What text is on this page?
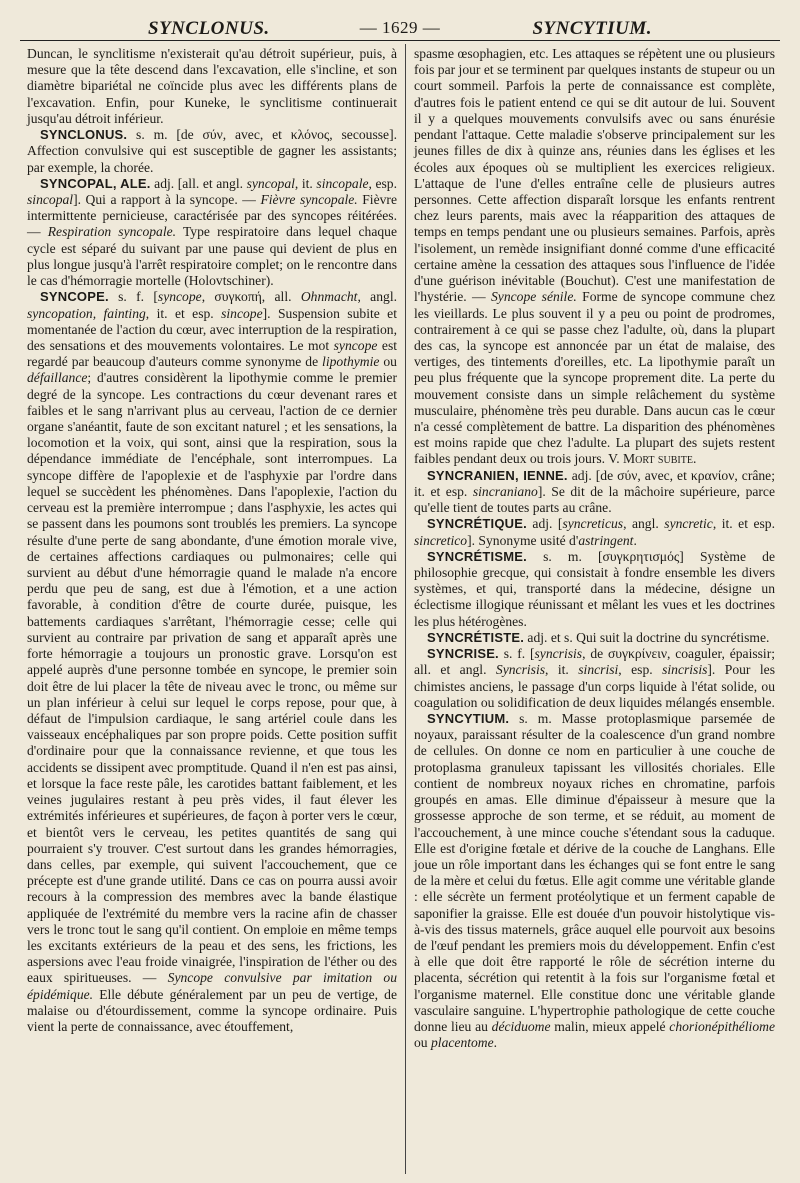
SYNCLONUS.	— 1629 —	SYNCYTIUM.

Duncan, le synclitisme n'existerait qu'au détroit supérieur, puis, à mesure que la tête descend dans l'excavation, elle s'incline, et son diamètre bipariétal ne coïncide plus avec les différents plans de l'excavation. Enfin, pour Kuneke, le synclitisme continuerait jusqu'au détroit inférieur.

SYNCLONUS. s. m. [de σύν, avec, et κλόνος, secousse]. Affection convulsive qui est susceptible de gagner les assistants; par exemple, la chorée.

SYNCOPAL, ALE. adj. [all. et angl. syncopal, it. sincopale, esp. sincopal]. Qui a rapport à la syncope. — Fièvre syncopale. Fièvre intermittente pernicieuse, caractérisée par des syncopes réitérées. — Respiration syncopale. Type respiratoire dans lequel chaque cycle est séparé du suivant par une pause qui devient de plus en plus longue jusqu'à l'arrêt respiratoire complet; on le rencontre dans le cas d'hémorragie mortelle (Holovtschiner).

SYNCOPE. s. f. [syncope, συγκοπή, all. Ohnmacht, angl. syncopation, fainting, it. et esp. sincope]. Suspension subite et momentanée de l'action du cœur, avec interruption de la respiration, des sensations et des mouvements volontaires. Le mot syncope est regardé par beaucoup d'auteurs comme synonyme de lipothymie ou défaillance; d'autres considèrent la lipothymie comme le premier degré de la syncope. Les contractions du cœur devenant rares et faibles et le sang n'arrivant plus au cerveau, l'action de ce dernier organe s'anéantit, faute de son excitant naturel ; et les sensations, la locomotion et la voix, qui sont, ainsi que la respiration, sous la dépendance immédiate de l'encéphale, sont interrompues. La syncope diffère de l'apoplexie et de l'asphyxie par l'ordre dans lequel se succèdent les phénomènes. Dans l'apoplexie, l'action du cerveau est la première interrompue ; dans l'asphyxie, les actes qui se passent dans les poumons sont troublés les premiers. La syncope résulte d'une perte de sang abondante, d'une émotion morale vive, de certaines affections cardiaques ou pulmonaires; celle qui survient au début d'une hémorragie quand le malade n'a encore perdu que peu de sang, est due à l'émotion, et a une action favorable, à condition d'être de courte durée, puisque, les battements cardiaques s'arrêtant, l'hémorragie cesse; celle qui survient au contraire par privation de sang et apparaît après une forte hémorragie a toujours un pronostic grave. Lorsqu'on est appelé auprès d'une personne tombée en syncope, le premier soin doit être de lui placer la tête de niveau avec le tronc, ou même sur un plan inférieur à celui sur lequel le corps repose, pour que, à défaut de l'impulsion cardiaque, le sang artériel coule dans les vaisseaux encéphaliques par son propre poids. Cette position suffit d'ordinaire pour que la connaissance revienne, et que tous les accidents se dissipent avec promptitude. Quand il n'en est pas ainsi, et lorsque la face reste pâle, les carotides battant faiblement, et les veines jugulaires restant à peu près vides, il faut élever les extrémités inférieures et supérieures, de façon à porter vers le cœur, et bientôt vers le cerveau, les petites quantités de sang qui pourraient s'y trouver. C'est surtout dans les grandes hémorragies, dans celles, par exemple, qui suivent l'accouchement, que ce précepte est d'une grande utilité. Dans ce cas on pourra aussi avoir recours à la compression des membres avec la bande élastique appliquée de l'extrémité du membre vers la racine afin de chasser vers le tronc tout le sang qu'il contient. On emploie en même temps les excitants extérieurs de la peau et des sens, les frictions, les aspersions avec l'eau froide vinaigrée, l'inspiration de l'éther ou des eaux spiritueuses. — Syncope convulsive par imitation ou épidémique. Elle débute généralement par un peu de vertige, de malaise ou d'étourdissement, comme la syncope ordinaire. Puis vient la perte de connaissance, avec étouffement,

spasme œsophagien, etc. Les attaques se répètent une ou plusieurs fois par jour et se terminent par quelques instants de stupeur ou un court sommeil. Parfois la perte de connaissance est complète, d'autres fois le patient entend ce qui se dit autour de lui. Souvent il y a quelques mouvements convulsifs avec ou sans énurésie pendant l'attaque. Cette maladie s'observe principalement sur les jeunes filles de dix à quinze ans, réunies dans les églises et les écoles aux époques où se multiplient les exercices religieux. L'attaque de l'une d'elles entraîne celle de plusieurs autres personnes. Cette affection disparaît lorsque les enfants rentrent chez leurs parents, mais avec la réapparition des attaques de temps en temps pendant une ou plusieurs semaines. Parfois, après l'isolement, un remède insignifiant donné comme d'une efficacité certaine amène la cessation des attaques sous l'influence de l'idée d'une guérison inévitable (Bouchut). C'est une manifestation de l'hystérie. — Syncope sénile. Forme de syncope commune chez les vieillards. Le plus souvent il y a peu ou point de prodromes, contrairement à ce qui se passe chez l'adulte, où, dans la plupart des cas, la syncope est annoncée par un état de malaise, des vertiges, des tintements d'oreilles, etc. La lipothymie paraît un peu plus fréquente que la syncope proprement dite. La perte du mouvement consiste dans un simple relâchement du système musculaire, phénomène très peu durable. Dans aucun cas le cœur n'a cessé complètement de battre. La disparition des phénomènes est moins rapide que chez l'adulte. La plupart des sujets restent faibles pendant deux ou trois jours. V. Mort subite.

SYNCRANIEN, IENNE. adj. [de σύν, avec, et κρανίον, crâne; it. et esp. sincraniano]. Se dit de la mâchoire supérieure, parce qu'elle tient de toutes parts au crâne.

SYNCRÉTIQUE. adj. [syncreticus, angl. syncretic, it. et esp. sincretico]. Synonyme usité d'astringent.

SYNCRÉTISME. s. m. [συγκρητισμός] Système de philosophie grecque, qui consistait à fondre ensemble les divers systèmes, et qui, transporté dans la médecine, désigne un éclectisme illogique réunissant et mêlant les vues et les doctrines les plus hétérogènes.

SYNCRÉTISTE. adj. et s. Qui suit la doctrine du syncrétisme.

SYNCRISE. s. f. [syncrisis, de συγκρίνειν, coaguler, épaissir; all. et angl. Syncrisis, it. sincrisi, esp. sincrisis]. Pour les chimistes anciens, le passage d'un corps liquide à l'état solide, ou coagulation ou solidification de deux liquides mélangés ensemble.

SYNCYTIUM. s. m. Masse protoplasmique parsemée de noyaux, paraissant résulter de la coalescence d'un grand nombre de cellules. On donne ce nom en particulier à une couche de protoplasma granuleux tapissant les villosités choriales. Elle contient de nombreux noyaux riches en chromatine, parfois groupés en amas. Elle diminue d'épaisseur à mesure que la grossesse approche de son terme, et se réduit, au moment de l'accouchement, à une mince couche s'étendant sous la caduque. Elle est d'origine fœtale et dérive de la couche de Langhans. Elle joue un rôle important dans les échanges qui se font entre le sang de la mère et celui du fœtus. Elle agit comme une véritable glande : elle sécrète un ferment protéolytique et un ferment capable de saponifier la graisse. Elle est douée d'un pouvoir histolytique vis-à-vis des tissus maternels, grâce auquel elle pourvoit aux besoins de l'œuf pendant les premiers mois du développement. Enfin c'est à elle que doit être rapporté le rôle de sécrétion interne du placenta, sécrétion qui retentit à la fois sur l'organisme fœtal et l'organisme maternel. Elle constitue donc une véritable glande vasculaire sanguine. L'hypertrophie pathologique de cette couche donne lieu au déciduome malin, mieux appelé chorionépithéliome ou placentome.
